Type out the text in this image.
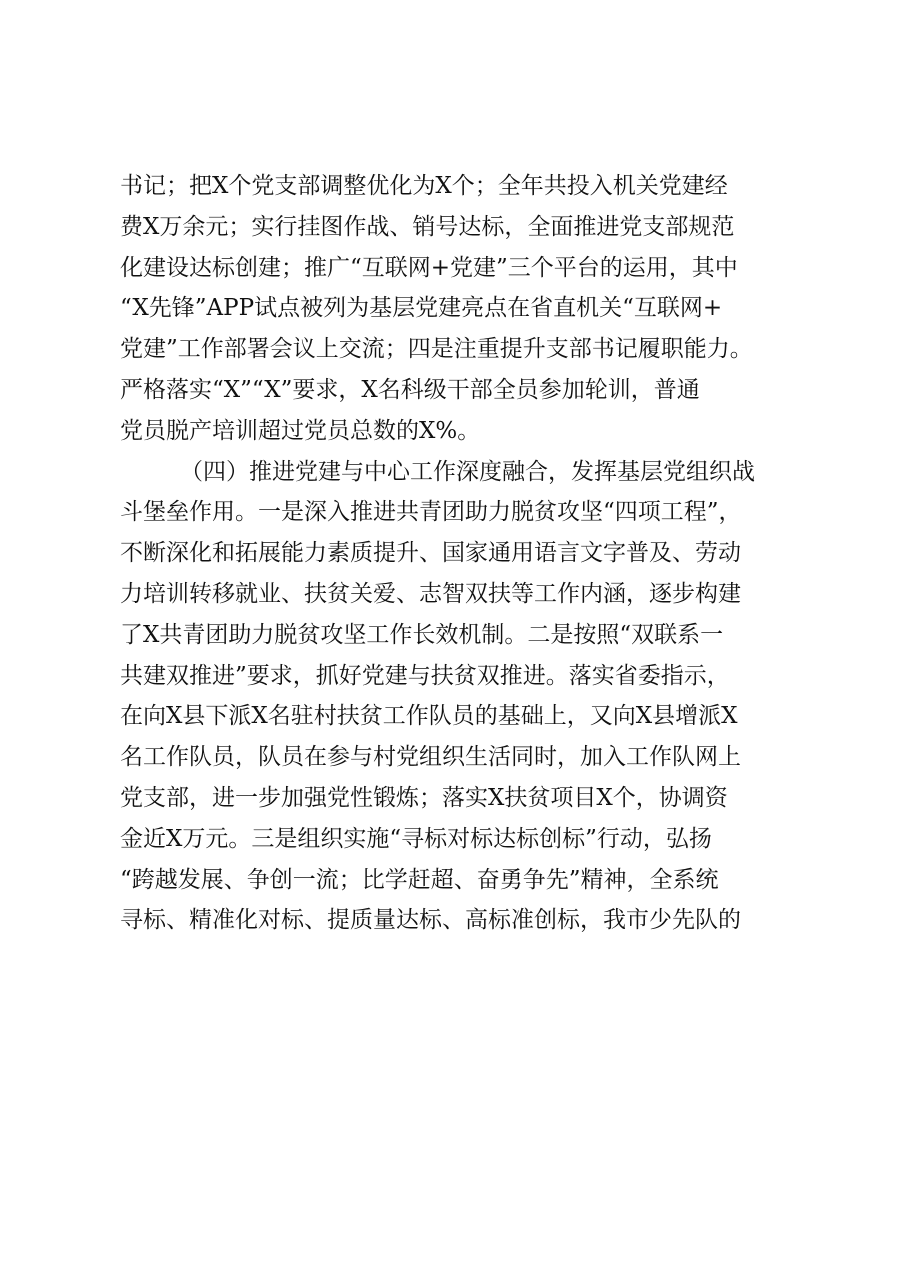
书记；把X个党支部调整优化为X个；全年共投入机关党建经

费X万余元；实行挂图作战、销号达标，全面推进党支部规范

化建设达标创建；推广“互联网+党建”三个平台的运用，其中

“X先锋”APP试点被列为基层党建亮点在省直机关“互联网+

党建”工作部署会议上交流；四是注重提升支部书记履职能力。

严格落实“X”“X”要求，X名科级干部全员参加轮训，普通

党员脱产培训超过党员总数的X%。

（四）推进党建与中心工作深度融合，发挥基层党组织战

斗堡垒作用。一是深入推进共青团助力脱贫攻坚“四项工程”，

不断深化和拓展能力素质提升、国家通用语言文字普及、劳动

力培训转移就业、扶贫关爱、志智双扶等工作内涵，逐步构建

了X共青团助力脱贫攻坚工作长效机制。二是按照“双联系一

共建双推进”要求，抓好党建与扶贫双推进。落实省委指示，

在向X县下派X名驻村扶贫工作队员的基础上，又向X县增派X

名工作队员，队员在参与村党组织生活同时，加入工作队网上

党支部，进一步加强党性锻炼；落实X扶贫项目X个，协调资

金近X万元。三是组织实施“寻标对标达标创标”行动，弘扬

“跨越发展、争创一流；比学赶超、奋勇争先”精神，全系统

寻标、精准化对标、提质量达标、高标准创标，我市少先队的
